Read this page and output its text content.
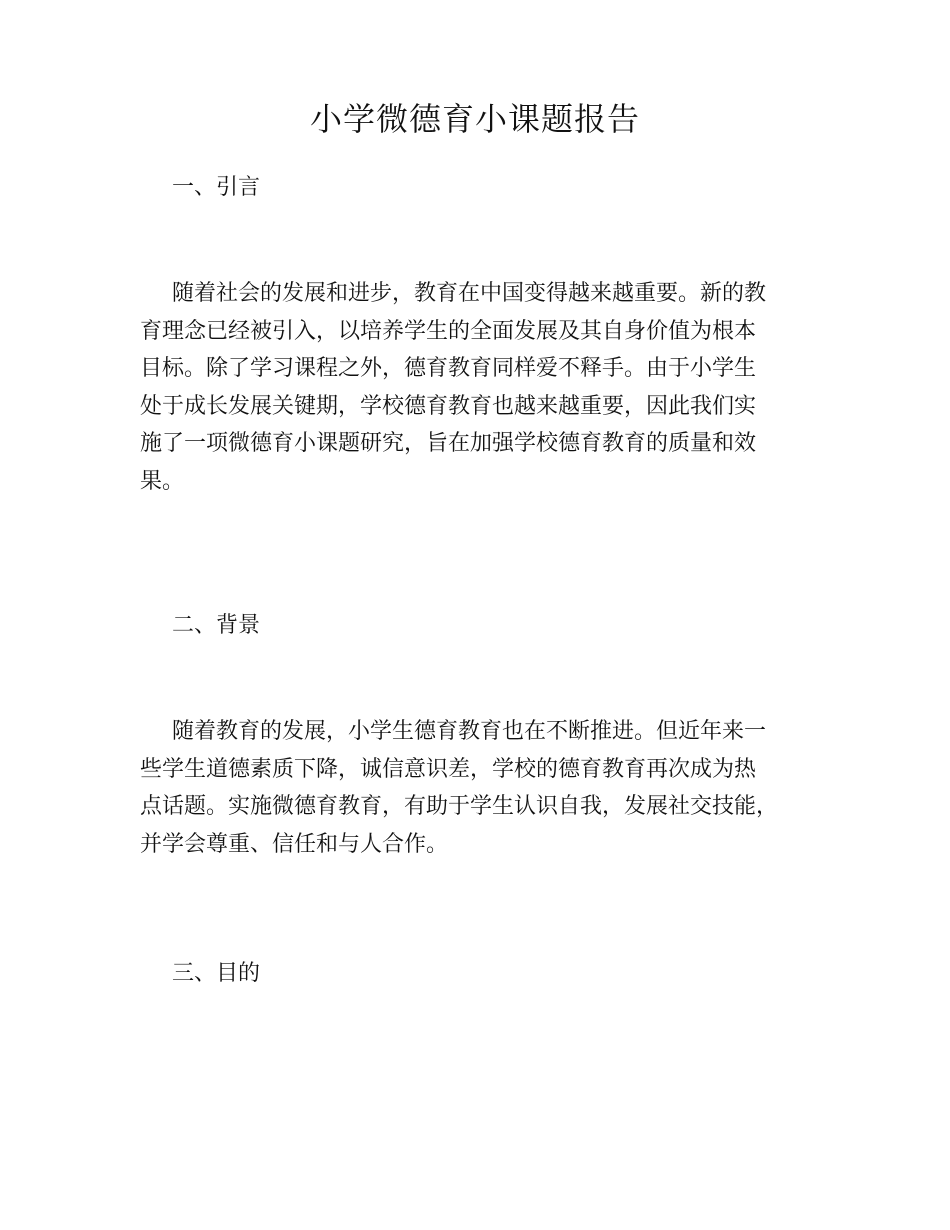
小学微德育小课题报告
一、引言
随着社会的发展和进步，教育在中国变得越来越重要。新的教
育理念已经被引入，以培养学生的全面发展及其自身价值为根本
目标。除了学习课程之外，德育教育同样爱不释手。由于小学生
处于成长发展关键期，学校德育教育也越来越重要，因此我们实
施了一项微德育小课题研究，旨在加强学校德育教育的质量和效
果。
二、背景
随着教育的发展，小学生德育教育也在不断推进。但近年来一
些学生道德素质下降，诚信意识差，学校的德育教育再次成为热
点话题。实施微德育教育，有助于学生认识自我，发展社交技能，
并学会尊重、信任和与人合作。
三、目的
